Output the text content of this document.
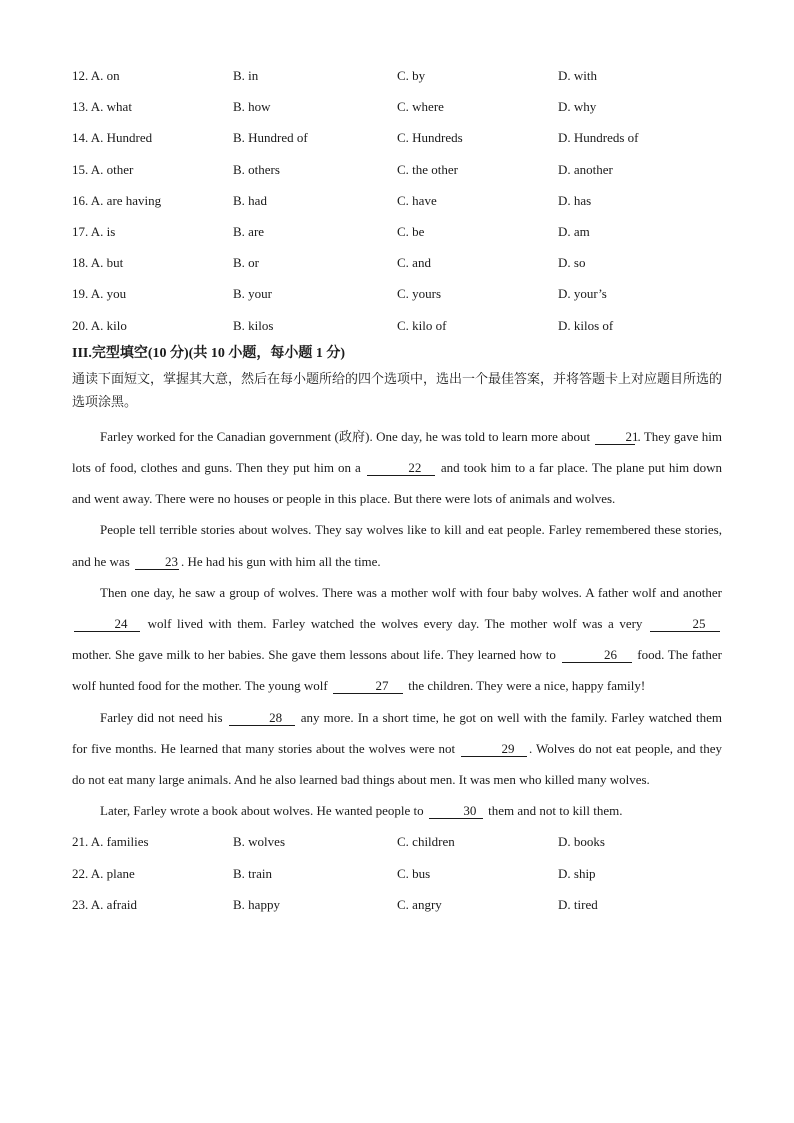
12. A. on	B. in	C. by	D. with
13. A. what	B. how	C. where	D. why
14. A. Hundred	B. Hundred of	C. Hundreds	D. Hundreds of
15. A. other	B. others	C. the other	D. another
16. A. are having	B. had	C. have	D. has
17. A. is	B. are	C. be	D. am
18. A. but	B. or	C. and	D. so
19. A. you	B. your	C. yours	D. your’s
20. A. kilo	B. kilos	C. kilo of	D. kilos of
III.完型填空(10 分)(共 10 小题，每小题 1 分)

通读下面短文，掌握其大意，然后在每小题所给的四个选项中，选出一个最佳答案，并将答题卡上对应题目所选的选项涂黑。

Farley worked for the Canadian government (政府). One day, he was told to learn more about	21. They gave him lots of food, clothes and guns. Then they put him on a	22 and took him to a far place. The plane put him down and went away. There were no houses or people in this place. But there were lots of animals and wolves.

People tell terrible stories about wolves. They say wolves like to kill and eat people. Farley remembered these stories, and he was	23 . He had his gun with him all the time.

Then one day, he saw a group of wolves. There was a mother wolf with four baby wolves. A father wolf and another 24 wolf lived with them. Farley watched the wolves every day. The mother wolf was a very	25 mother. She gave milk to her babies. She gave them lessons about life. They learned how to	26 food. The father wolf hunted food for the mother. The young wolf	27 the children. They were a nice, happy family!

Farley did not need his	28 any more. In a short time, he got on well with the family. Farley watched them for five months. He learned that many stories about the wolves were not	29 . Wolves do not eat people, and they do not eat many large animals. And he also learned bad things about men. It was men who killed many wolves.

Later, Farley wrote a book about wolves. He wanted people to	30 them and not to kill them.

21. A. families	B. wolves	C. children	D. books
22. A. plane	B. train	C. bus	D. ship
23. A. afraid	B. happy	C. angry	D. tired
